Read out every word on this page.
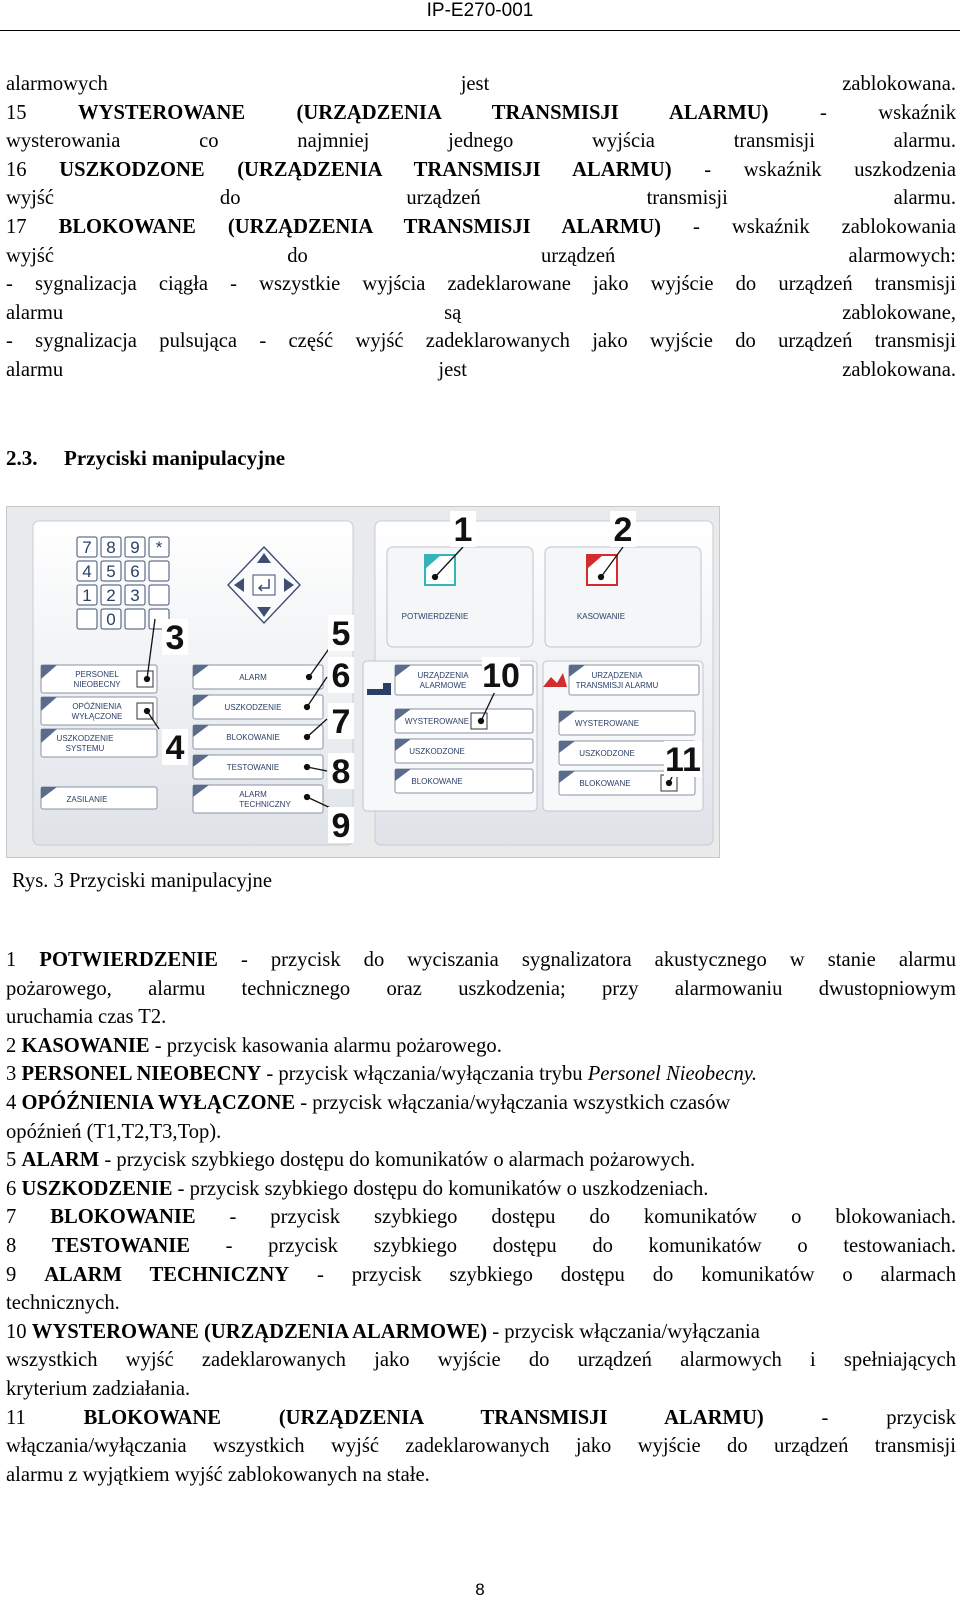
IP-E270-001
alarmowych jest zablokowana.
15 WYSTEROWANE (URZĄDZENIA TRANSMISJI ALARMU) - wskaźnik
wysterowania co najmniej jednego wyjścia transmisji alarmu.
16 USZKODZONE (URZĄDZENIA TRANSMISJI ALARMU) - wskaźnik uszkodzenia
wyjść do urządzeń transmisji alarmu.
17 BLOKOWANE (URZĄDZENIA TRANSMISJI ALARMU) - wskaźnik zablokowania
wyjść do urządzeń alarmowych:
- sygnalizacja ciągła - wszystkie wyjścia zadeklarowane jako wyjście do urządzeń transmisji
alarmu są zablokowane,
- sygnalizacja pulsująca - część wyjść zadeklarowanych jako wyjście do urządzeń transmisji
alarmu jest zablokowana.
2.3. Przyciski manipulacyjne
7 8 9 *
4 5 6
1 2 3
0
PERSONEL
NIEOBECNY
OPÓŹNIENIA
WYŁĄCZONE
USZKODZENIE
SYSTEMU
ZASILANIE
ALARM
USZKODZENIE
BLOKOWANIE
TESTOWANIE
ALARM
TECHNICZNY
POTWIERDZENIE	KASOWANIE
URZĄDZENIA
ALARMOWE
WYSTEROWANE
USZKODZONE
BLOKOWANE
URZĄDZENIA
TRANSMISJI ALARMU
WYSTEROWANE
USZKODZONE
BLOKOWANE
1	2
3
4
5
6
7
8
9
10
11
Rys. 3 Przyciski manipulacyjne
1 POTWIERDZENIE - przycisk do wyciszania sygnalizatora akustycznego w stanie alarmu
pożarowego, alarmu technicznego oraz uszkodzenia; przy alarmowaniu dwustopniowym
uruchamia czas T2.
2 KASOWANIE - przycisk kasowania alarmu pożarowego.
3 PERSONEL NIEOBECNY - przycisk włączania/wyłączania trybu Personel Nieobecny.
4 OPÓŹNIENIA WYŁĄCZONE - przycisk włączania/wyłączania wszystkich czasów
opóźnień (T1,T2,T3,Top).
5 ALARM - przycisk szybkiego dostępu do komunikatów o alarmach pożarowych.
6 USZKODZENIE - przycisk szybkiego dostępu do komunikatów o uszkodzeniach.
7 BLOKOWANIE - przycisk szybkiego dostępu do komunikatów o blokowaniach.
8 TESTOWANIE - przycisk szybkiego dostępu do komunikatów o testowaniach.
9 ALARM TECHNICZNY - przycisk szybkiego dostępu do komunikatów o alarmach
technicznych.
10 WYSTEROWANE (URZĄDZENIA ALARMOWE) - przycisk włączania/wyłączania
wszystkich wyjść zadeklarowanych jako wyjście do urządzeń alarmowych i spełniających
kryterium zadziałania.
11 BLOKOWANE (URZĄDZENIA TRANSMISJI ALARMU) - przycisk
włączania/wyłączania wszystkich wyjść zadeklarowanych jako wyjście do urządzeń transmisji
alarmu z wyjątkiem wyjść zablokowanych na stałe.
8
